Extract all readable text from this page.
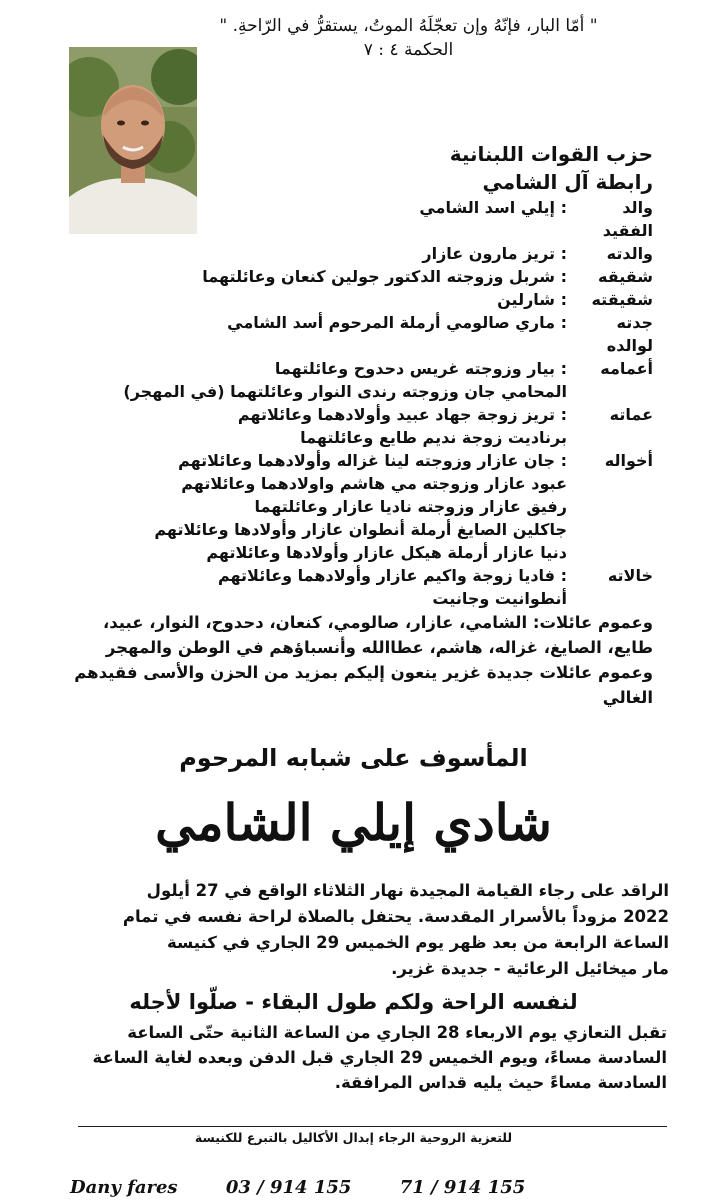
" أمّا البار، فإنّهُ وإن تعجّلَهُ الموتُ، يستقرُّ في الرّاحةِ. "
الحكمة ٤ : ٧
حزب القوات اللبنانية
رابطة آل الشامي
والد الفقيد
: إيلي اسد الشامي
والدته
: تريز مارون عازار
شقيقه
: شربل وزوجته الدكتور جولين كنعان وعائلتهما
شقيقته
: شارلين
جدته لوالده
: ماري صالومي أرملة المرحوم أسد الشامي
أعمامه
: بيار وزوجته غريس دحدوح وعائلتهما
المحامي جان وزوجته رندى النوار وعائلتهما (في المهجر)
عماته
: تريز زوجة جهاد عبيد وأولادهما وعائلاتهم
برناديت زوجة نديم طايع وعائلتهما
أخواله
: جان عازار وزوجته لينا غزاله وأولادهما وعائلاتهم
عبود عازار وزوجته مي هاشم واولادهما وعائلاتهم
رفيق عازار وزوجته ناديا عازار وعائلتهما
جاكلين الصايغ أرملة أنطوان عازار وأولادها وعائلاتهم
دنيا عازار أرملة هيكل عازار وأولادها وعائلاتهم
خالاته
: فاديا زوجة واكيم عازار وأولادهما وعائلاتهم
أنطوانيت وجانيت
وعموم عائلات: الشامي، عازار، صالومي، كنعان، دحدوح، النوار، عبيد،
طايع، الصايغ، غزاله، هاشم، عطاالله وأنسباؤهم في الوطن والمهجر
وعموم عائلات جديدة غزير ينعون إليكم بمزيد من الحزن والأسى فقيدهم
الغالي
المأسوف على شبابه المرحوم
شادي إيلي الشامي
الراقد على رجاء القيامة المجيدة نهار الثلاثاء الواقع في 27 أيلول
2022 مزوداً بالأسرار المقدسة. يحتفل بالصلاة لراحة نفسه في تمام
الساعة الرابعة من بعد ظهر يوم الخميس 29 الجاري في كنيسة
مار ميخائيل الرعائية - جديدة غزير.
لنفسه الراحة ولكم طول البقاء - صلّوا لأجله
تقبل التعازي يوم الاربعاء 28 الجاري من الساعة الثانية حتّى الساعة
السادسة مساءً، ويوم الخميس 29 الجاري قبل الدفن وبعده لغاية الساعة
السادسة مساءً حيث يليه قداس المرافقة.
للتعزية الروحية الرجاء إبدال الأكاليل بالتبرع للكنيسة
Dany fares	03 / 914 155	71 / 914 155
